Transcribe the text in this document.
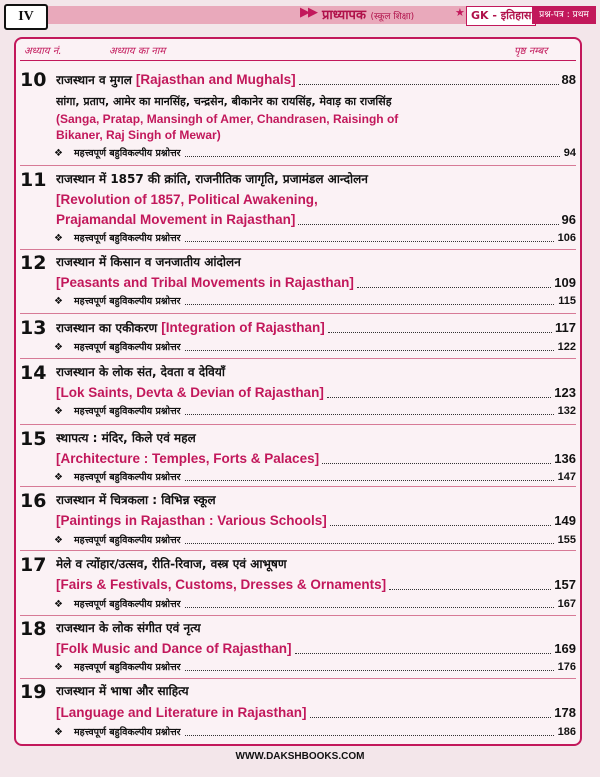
IV	▶▶ प्राध्यापक (स्कूल शिक्षा)	★ GK - इतिहास प्रश्न-पत्र : प्रथम
अध्याय नं.	अध्याय का नाम	पृष्ठ नम्बर
10 राजस्थान व मुगल [Rajasthan and Mughals]	88
सांगा, प्रताप, आमेर का मानसिंह, चन्द्रसेन, बीकानेर का रायसिंह, मेवाड़ का राजसिंह
(Sanga, Pratap, Mansingh of Amer, Chandrasen, Raisingh of
Bikaner, Raj Singh of Mewar)
❖ महत्त्वपूर्ण बहुविकल्पीय प्रश्नोत्तर	94
11 राजस्थान में 1857 की क्रांति, राजनीतिक जागृति, प्रजामंडल आन्दोलन
[Revolution of 1857, Political Awakening,
Prajamandal Movement in Rajasthan]	96
❖ महत्त्वपूर्ण बहुविकल्पीय प्रश्नोत्तर	106
12 राजस्थान में किसान व जनजातीय आंदोलन
[Peasants and Tribal Movements in Rajasthan]	109
❖ महत्त्वपूर्ण बहुविकल्पीय प्रश्नोत्तर	115
13 राजस्थान का एकीकरण [Integration of Rajasthan]	117
❖ महत्त्वपूर्ण बहुविकल्पीय प्रश्नोत्तर	122
14 राजस्थान के लोक संत, देवता व देवियाँ
[Lok Saints, Devta & Devian of Rajasthan]	123
❖ महत्त्वपूर्ण बहुविकल्पीय प्रश्नोत्तर	132
15 स्थापत्य : मंदिर, किले एवं महल
[Architecture : Temples, Forts & Palaces]	136
❖ महत्त्वपूर्ण बहुविकल्पीय प्रश्नोत्तर	147
16 राजस्थान में चित्रकला : विभिन्न स्कूल
[Paintings in Rajasthan : Various Schools]	149
❖ महत्त्वपूर्ण बहुविकल्पीय प्रश्नोत्तर	155
17 मेले व त्योंहार/उत्सव, रीति-रिवाज, वस्त्र एवं आभूषण
[Fairs & Festivals, Customs, Dresses & Ornaments]	157
❖ महत्त्वपूर्ण बहुविकल्पीय प्रश्नोत्तर	167
18 राजस्थान के लोक संगीत एवं नृत्य
[Folk Music and Dance of Rajasthan]	169
❖ महत्त्वपूर्ण बहुविकल्पीय प्रश्नोत्तर	176
19 राजस्थान में भाषा और साहित्य
[Language and Literature in Rajasthan]	178
❖ महत्त्वपूर्ण बहुविकल्पीय प्रश्नोत्तर	186
WWW.DAKSHBOOKS.COM
